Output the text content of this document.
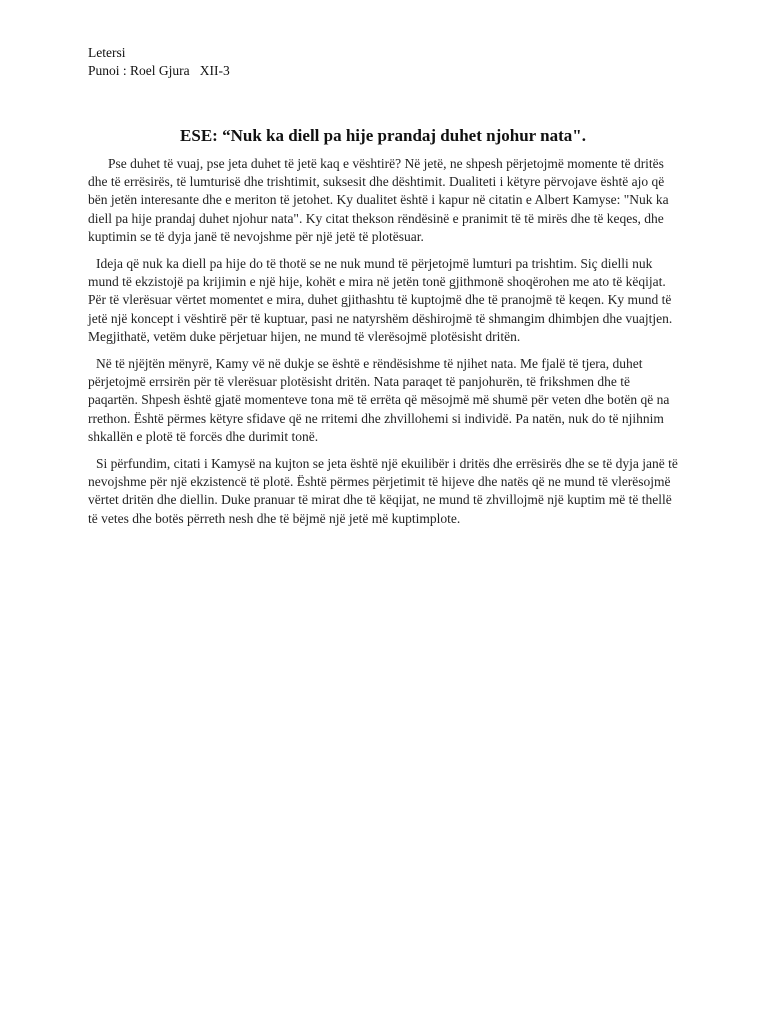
Letersi

Punoi : Roel Gjura   XII-3

ESE: “Nuk ka diell pa hije prandaj duhet njohur nata".

Pse duhet të vuaj, pse jeta duhet të jetë kaq e vështirë? Në jetë, ne shpesh përjetojmë momente të dritës dhe të errësirës, të lumturisë dhe trishtimit, suksesit dhe dështimit. Dualiteti i këtyre përvojave është ajo që bën jetën interesante dhe e meriton të jetohet. Ky dualitet është i kapur në citatin e Albert Kamyse: "Nuk ka diell pa hije prandaj duhet njohur nata". Ky citat thekson rëndësinë e pranimit të të mirës dhe të keqes, dhe kuptimin se të dyja janë të nevojshme për një jetë të plotësuar.

Ideja që nuk ka diell pa hije do të thotë se ne nuk mund të përjetojmë lumturi pa trishtim. Siç dielli nuk mund të ekzistojë pa krijimin e një hije, kohët e mira në jetën tonë gjithmonë shoqërohen me ato të këqijat. Për të vlerësuar vërtet momentet e mira, duhet gjithashtu të kuptojmë dhe të pranojmë të keqen. Ky mund të jetë një koncept i vështirë për të kuptuar, pasi ne natyrshëm dëshirojmë të shmangim dhimbjen dhe vuajtjen. Megjithatë, vetëm duke përjetuar hijen, ne mund të vlerësojmë plotësisht dritën.

Në të njëjtën mënyrë, Kamy vë në dukje se është e rëndësishme të njihet nata. Me fjalë të tjera, duhet përjetojmë errsirën për të vlerësuar plotësisht dritën. Nata paraqet të panjohurën, të frikshmen dhe të paqartën. Shpesh është gjatë momenteve tona më të errëta që mësojmë më shumë për veten dhe botën që na rrethon. Është përmes këtyre sfidave që ne rritemi dhe zhvillohemi si individë. Pa natën, nuk do të njihnim shkallën e plotë të forcës dhe durimit tonë.

Si përfundim, citati i Kamysë na kujton se jeta është një ekuilibër i dritës dhe errësirës dhe se të dyja janë të nevojshme për një ekzistencë të plotë. Është përmes përjetimit të hijeve dhe natës që ne mund të vlerësojmë vërtet dritën dhe diellin. Duke pranuar të mirat dhe të këqijat, ne mund të zhvillojmë një kuptim më të thellë të vetes dhe botës përreth nesh dhe të bëjmë një jetë më kuptimplote.
